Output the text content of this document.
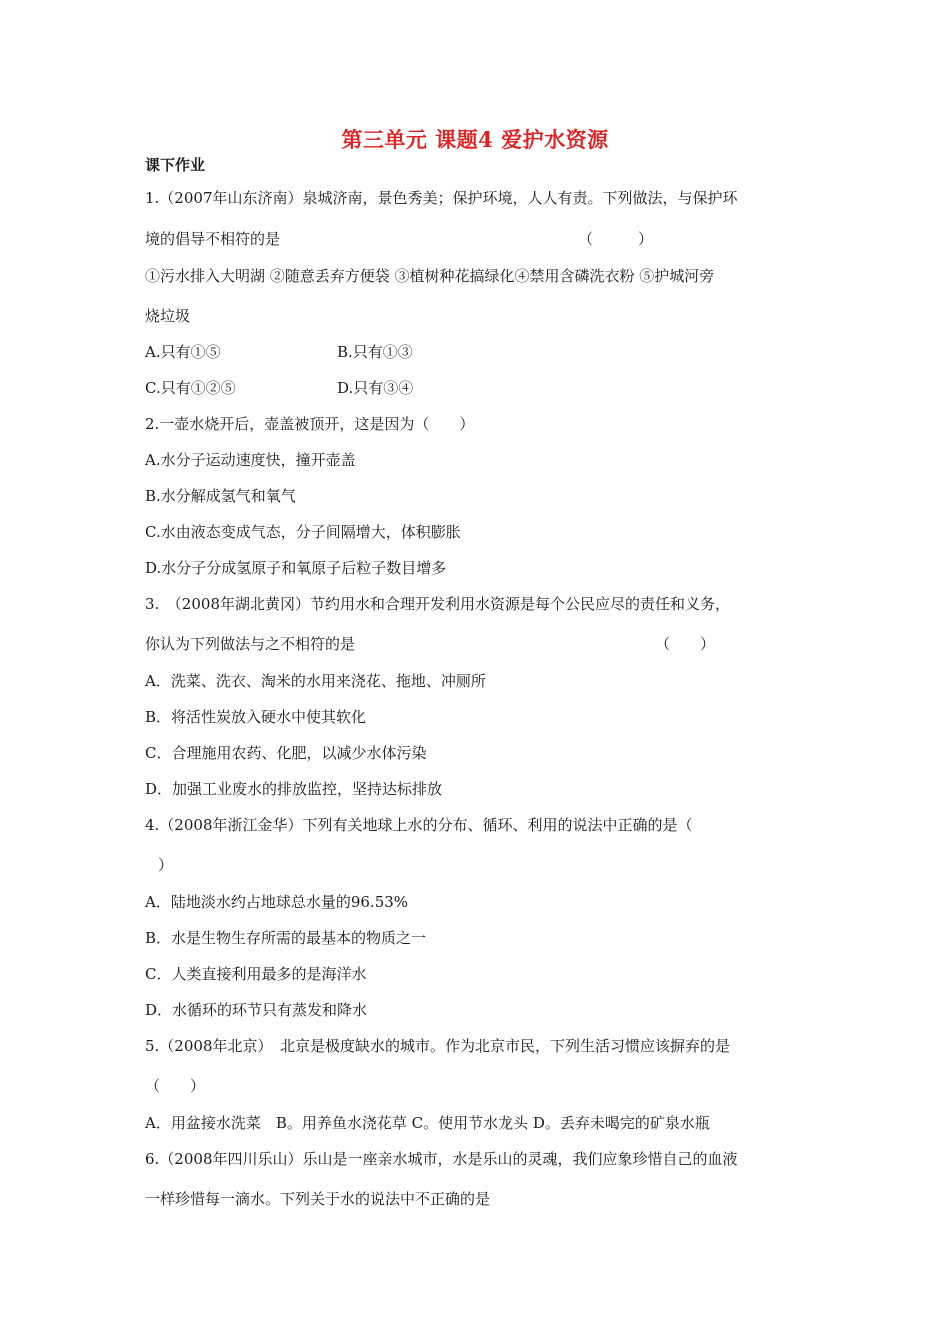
第三单元 课题4 爱护水资源
课下作业
1.（2007年山东济南）泉城济南，景色秀美；保护环境，人人有责。下列做法，与保护环
境的倡导不相符的是	（　　　）
①污水排入大明湖 ②随意丢弃方便袋 ③植树种花搞绿化④禁用含磷洗衣粉 ⑤护城河旁
烧垃圾
A.只有①⑤	B.只有①③
C.只有①②⑤	D.只有③④
2.一壶水烧开后，壶盖被顶开，这是因为（　　）
A.水分子运动速度快，撞开壶盖
B.水分解成氢气和氧气
C.水由液态变成气态，分子间隔增大，体积膨胀
D.水分子分成氢原子和氧原子后粒子数目增多
3.　（2008年湖北黄冈）节约用水和合理开发利用水资源是每个公民应尽的责任和义务，
你认为下列做法与之不相符的是	（　　）
A．洗菜、洗衣、淘米的水用来浇花、拖地、冲厕所
B．将活性炭放入硬水中使其软化
C．合理施用农药、化肥，以减少水体污染
D．加强工业废水的排放监控，坚持达标排放
4.（2008年浙江金华）下列有关地球上水的分布、循环、利用的说法中正确的是（
）
A．陆地淡水约占地球总水量的96.53%
B．水是生物生存所需的最基本的物质之一
C．人类直接利用最多的是海洋水
D．水循环的环节只有蒸发和降水
5.（2008年北京）　北京是极度缺水的城市。作为北京市民，下列生活习惯应该摒弃的是
（　　）
A．用盆接水洗菜　B。用养鱼水浇花草 C。使用节水龙头 D。丢弃未喝完的矿泉水瓶
6.（2008年四川乐山）乐山是一座亲水城市，水是乐山的灵魂，我们应象珍惜自己的血液
一样珍惜每一滴水。下列关于水的说法中不正确的是
